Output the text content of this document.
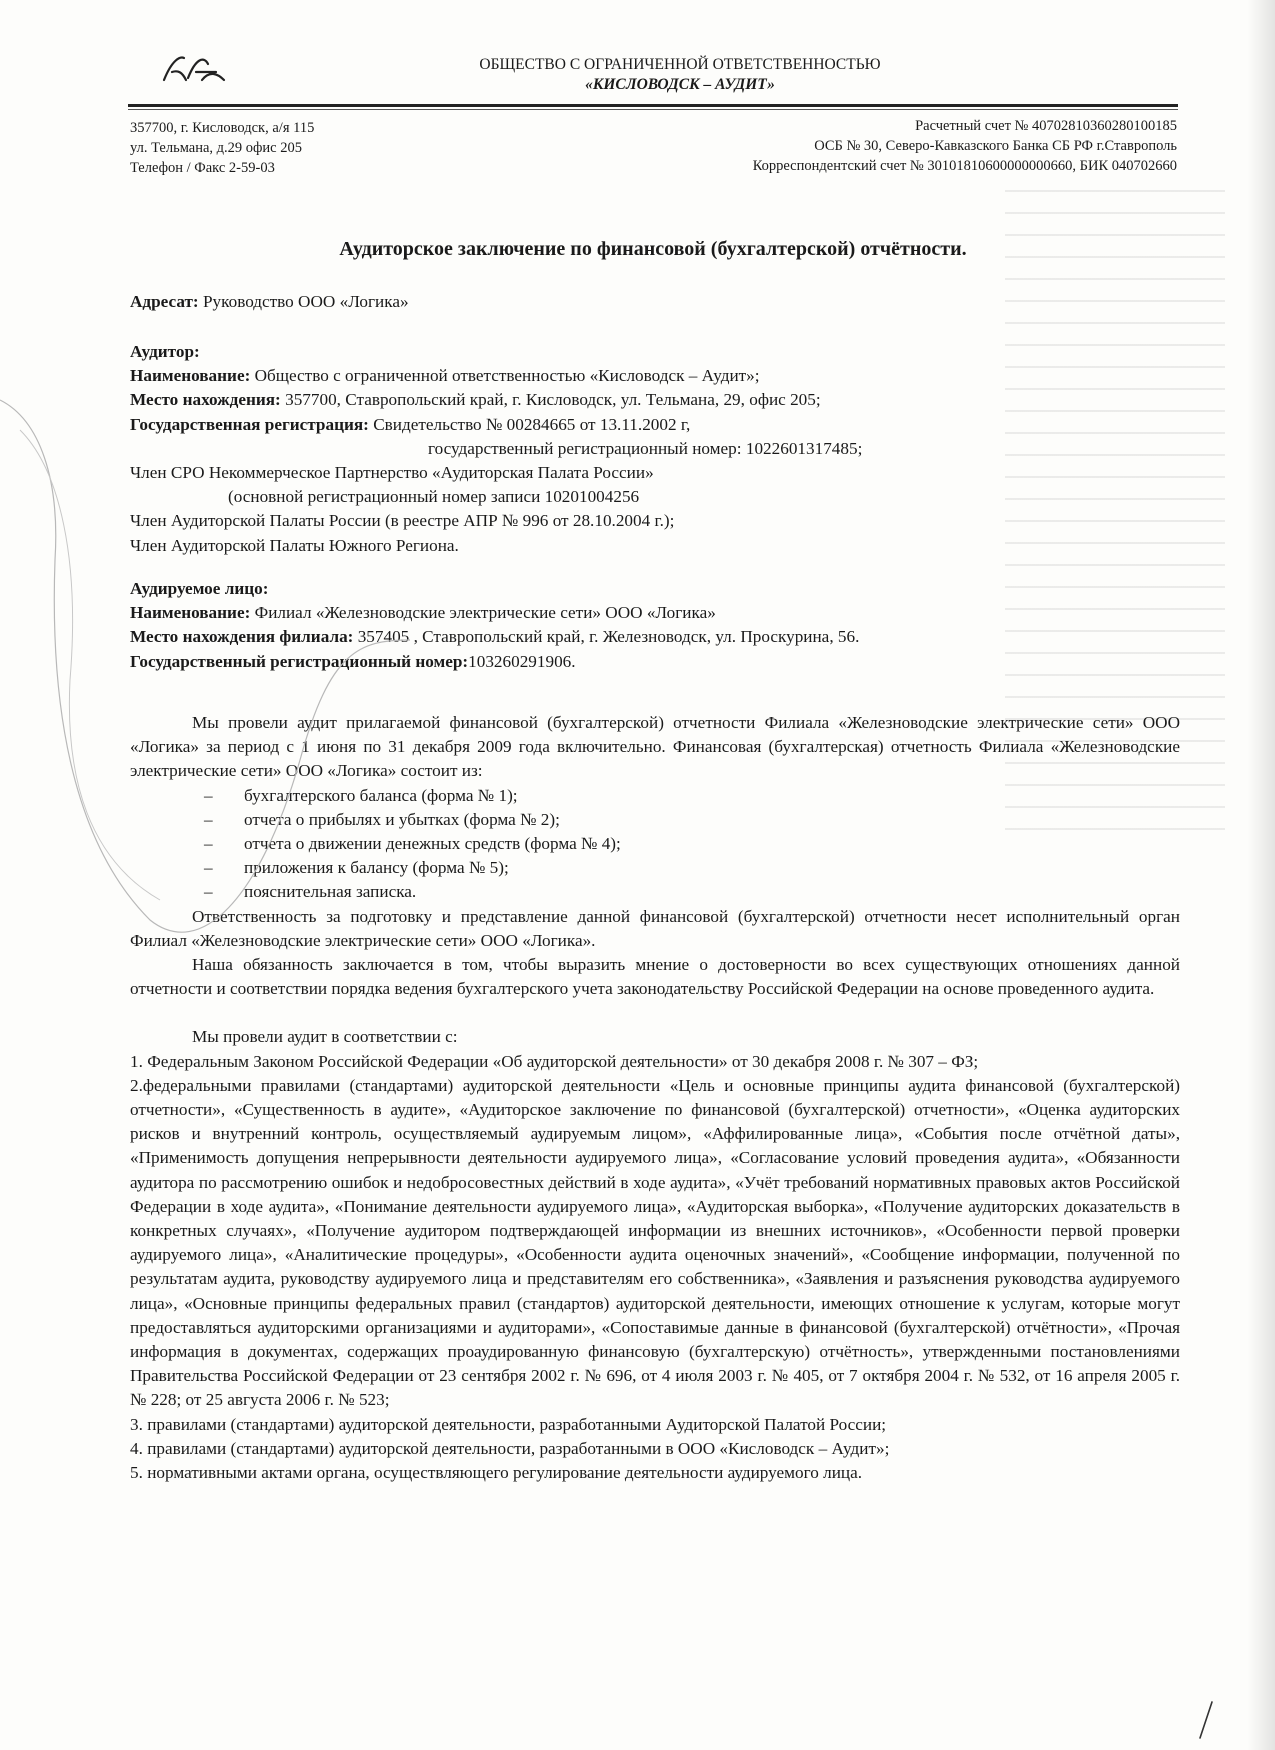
ОБЩЕСТВО С ОГРАНИЧЕННОЙ ОТВЕТСТВЕННОСТЬЮ
«КИСЛОВОДСК – АУДИТ»
357700, г. Кисловодск, а/я 115
ул. Тельмана, д.29 офис 205
Телефон / Факс 2-59-03
Расчетный счет № 40702810360280100185
ОСБ № 30, Северо-Кавказского Банка СБ РФ г.Ставрополь
Корреспондентский счет № 30101810600000000660, БИК 040702660
Аудиторское заключение по финансовой (бухгалтерской) отчётности.
Адресат: Руководство ООО «Логика»
Аудитор:
Наименование: Общество с ограниченной ответственностью «Кисловодск – Аудит»;
Место нахождения: 357700, Ставропольский край, г. Кисловодск, ул. Тельмана, 29, офис 205;
Государственная регистрация: Свидетельство № 00284665 от 13.11.2002 г,
государственный регистрационный номер: 1022601317485;
Член СРО Некоммерческое Партнерство «Аудиторская Палата России»
(основной регистрационный номер записи 10201004256
Член Аудиторской Палаты России (в реестре АПР № 996 от 28.10.2004 г.);
Член Аудиторской Палаты Южного Региона.
Аудируемое лицо:
Наименование: Филиал «Железноводские электрические сети» ООО «Логика»
Место нахождения филиала: 357405 , Ставропольский край, г. Железноводск, ул. Проскурина, 56.
Государственный регистрационный номер:103260291906.

Мы провели аудит прилагаемой финансовой (бухгалтерской) отчетности Филиала «Железноводские электрические сети» ООО «Логика» за период с 1 июня по 31 декабря 2009 года включительно. Финансовая (бухгалтерская) отчетность Филиала «Железноводские электрические сети» ООО «Логика» состоит из:

– бухгалтерского баланса (форма № 1);
– отчета о прибылях и убытках (форма № 2);
– отчета о движении денежных средств (форма № 4);
– приложения к балансу (форма № 5);
– пояснительная записка.

Ответственность за подготовку и представление данной финансовой (бухгалтерской) отчетности несет исполнительный орган Филиал «Железноводские электрические сети» ООО «Логика».

Наша обязанность заключается в том, чтобы выразить мнение о достоверности во всех существующих отношениях данной отчетности и соответствии порядка ведения бухгалтерского учета законодательству Российской Федерации на основе проведенного аудита.

Мы провели аудит в соответствии с:

1. Федеральным Законом Российской Федерации «Об аудиторской деятельности» от 30 декабря 2008 г. № 307 – ФЗ;

2.федеральными правилами (стандартами) аудиторской деятельности «Цель и основные принципы аудита финансовой (бухгалтерской) отчетности», «Существенность в аудите», «Аудиторское заключение по финансовой (бухгалтерской) отчетности», «Оценка аудиторских рисков и внутренний контроль, осуществляемый аудируемым лицом», «Аффилированные лица», «События после отчётной даты», «Применимость допущения непрерывности деятельности аудируемого лица», «Согласование условий проведения аудита», «Обязанности аудитора по рассмотрению ошибок и недобросовестных действий в ходе аудита», «Учёт требований нормативных правовых актов Российской Федерации в ходе аудита», «Понимание деятельности аудируемого лица», «Аудиторская выборка», «Получение аудиторских доказательств в конкретных случаях», «Получение аудитором подтверждающей информации из внешних источников», «Особенности первой проверки аудируемого лица», «Аналитические процедуры», «Особенности аудита оценочных значений», «Сообщение информации, полученной по результатам аудита, руководству аудируемого лица и представителям его собственника», «Заявления и разъяснения руководства аудируемого лица», «Основные принципы федеральных правил (стандартов) аудиторской деятельности, имеющих отношение к услугам, которые могут предоставляться аудиторскими организациями и аудиторами», «Сопоставимые данные в финансовой (бухгалтерской) отчётности», «Прочая информация в документах, содержащих проаудированную финансовую (бухгалтерскую) отчётность», утвержденными постановлениями Правительства Российской Федерации от 23 сентября 2002 г. № 696, от 4 июля 2003 г. № 405, от 7 октября 2004 г. № 532, от 16 апреля 2005 г. № 228; от 25 августа 2006 г. № 523;

3. правилами (стандартами) аудиторской деятельности, разработанными Аудиторской Палатой России;

4. правилами (стандартами) аудиторской деятельности, разработанными в ООО «Кисловодск – Аудит»;

5. нормативными актами органа, осуществляющего регулирование деятельности аудируемого лица.
